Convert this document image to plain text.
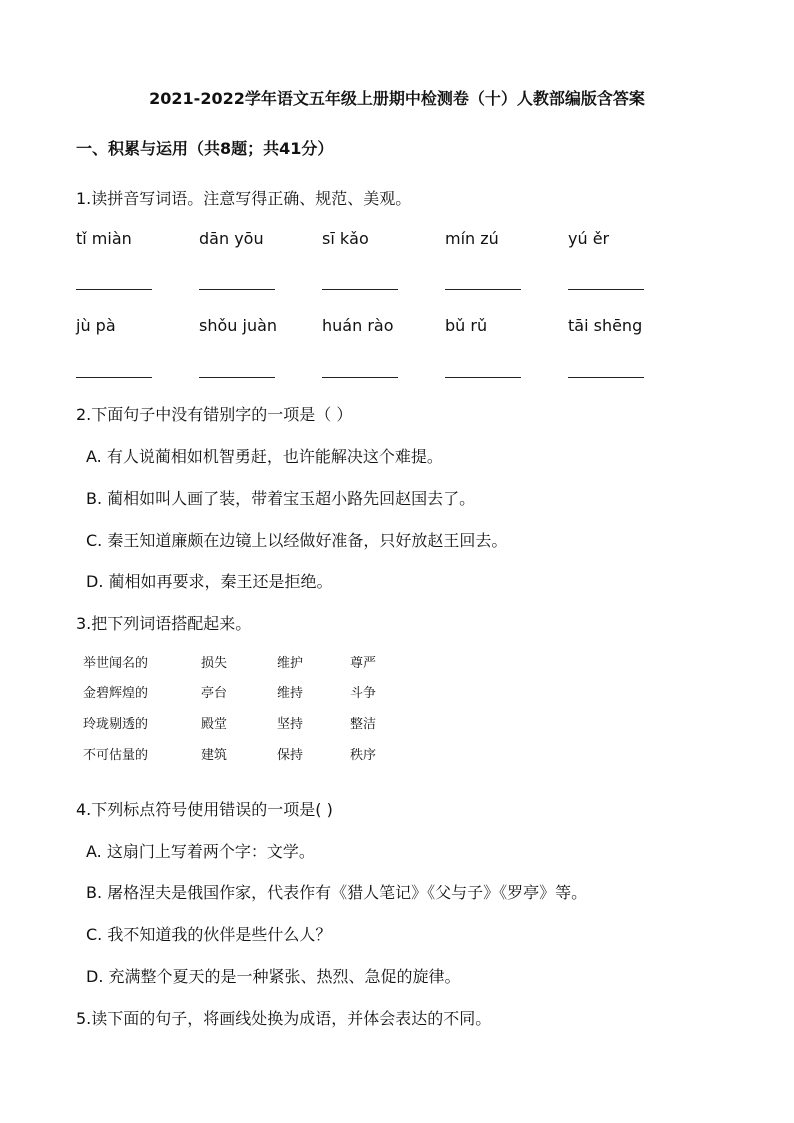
2021-2022学年语文五年级上册期中检测卷（十）人教部编版含答案
一、积累与运用（共8题；共41分）
1.读拼音写词语。注意写得正确、规范、美观。
tǐ miàn	dān yōu	sī kǎo	mín zú	yú ěr
jù pà	shǒu juàn	huán rào	bǔ rǔ	tāi shēng
2.下面句子中没有错别字的一项是（ ）
A. 有人说蔺相如机智勇赶，也许能解决这个难提。
B. 蔺相如叫人画了装，带着宝玉超小路先回赵国去了。
C. 秦王知道廉颇在边镜上以经做好准备，只好放赵王回去。
D. 蔺相如再要求，秦王还是拒绝。
3.把下列词语搭配起来。
举世闻名的	损失	维护	尊严
金碧辉煌的	亭台	维持	斗争
玲珑剔透的	殿堂	坚持	整洁
不可估量的	建筑	保持	秩序
4.下列标点符号使用错误的一项是( )
A. 这扇门上写着两个字：文学。
B. 屠格涅夫是俄国作家，代表作有《猎人笔记》《父与子》《罗亭》等。
C. 我不知道我的伙伴是些什么人？
D. 充满整个夏天的是一种紧张、热烈、急促的旋律。
5.读下面的句子，将画线处换为成语，并体会表达的不同。
